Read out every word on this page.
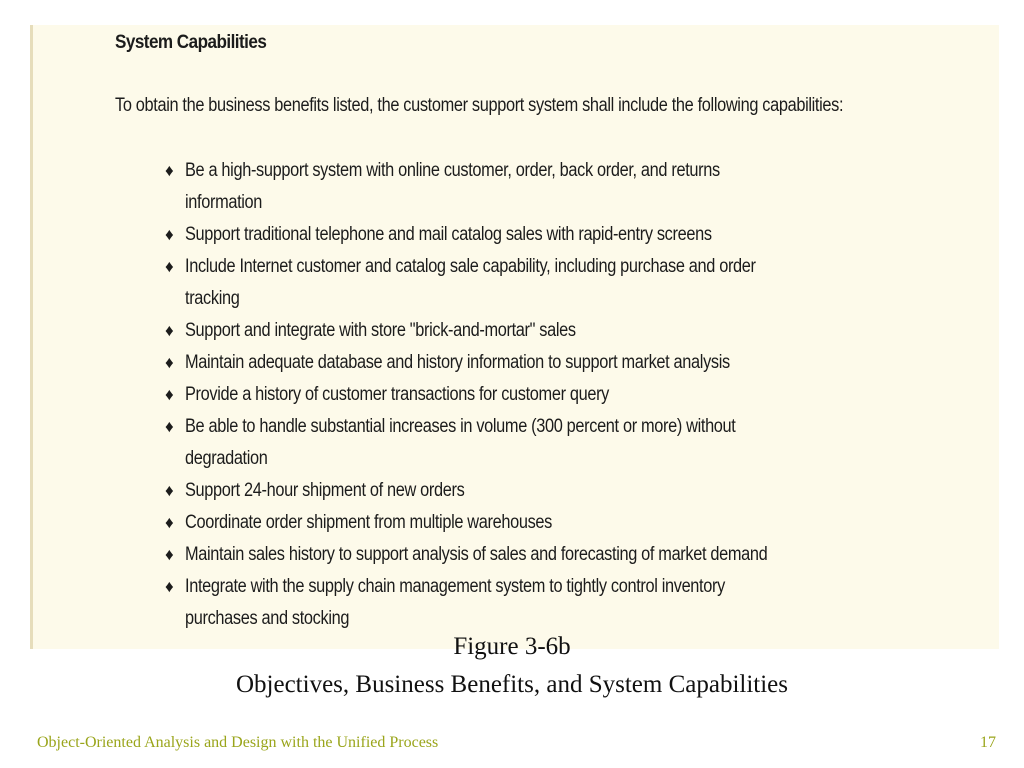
System Capabilities
To obtain the business benefits listed, the customer support system shall include the following capabilities:
♦ Be a high-support system with online customer, order, back order, and returns
information
♦ Support traditional telephone and mail catalog sales with rapid-entry screens
♦ Include Internet customer and catalog sale capability, including purchase and order
tracking
♦ Support and integrate with store "brick-and-mortar" sales
♦ Maintain adequate database and history information to support market analysis
♦ Provide a history of customer transactions for customer query
♦ Be able to handle substantial increases in volume (300 percent or more) without
degradation
♦ Support 24-hour shipment of new orders
♦ Coordinate order shipment from multiple warehouses
♦ Maintain sales history to support analysis of sales and forecasting of market demand
♦ Integrate with the supply chain management system to tightly control inventory
purchases and stocking
Figure 3-6b
Objectives, Business Benefits, and System Capabilities
Object-Oriented Analysis and Design with the Unified Process	17
